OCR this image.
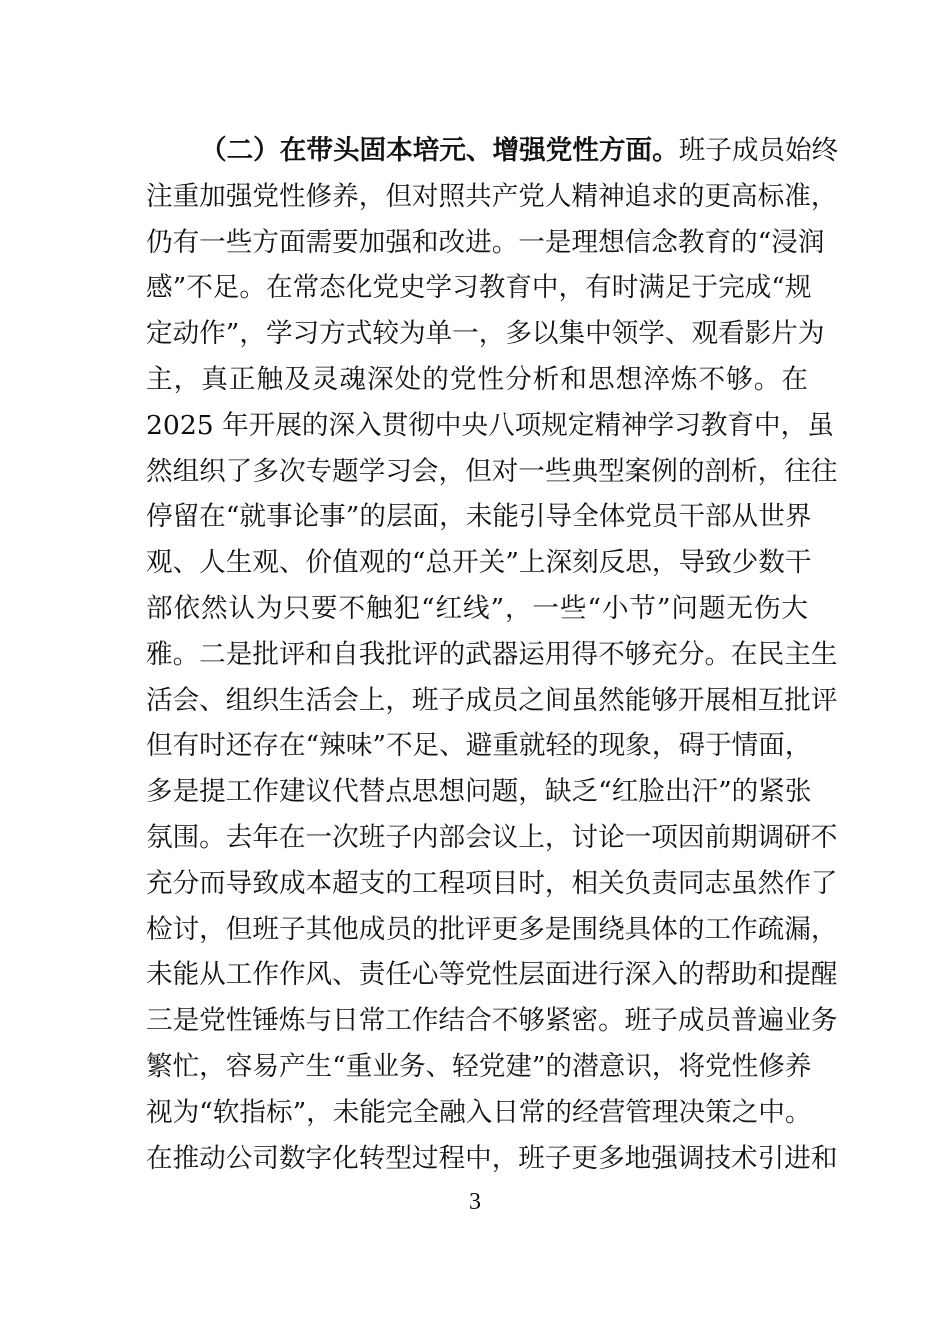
（二）在带头固本培元、增强党性方面。班子成员始终
注重加强党性修养，但对照共产党人精神追求的更高标准，
仍有一些方面需要加强和改进。一是理想信念教育的“浸润
感”不足。在常态化党史学习教育中，有时满足于完成“规
定动作”，学习方式较为单一，多以集中领学、观看影片为
主，真正触及灵魂深处的党性分析和思想淬炼不够。在
2025 年开展的深入贯彻中央八项规定精神学习教育中，虽
然组织了多次专题学习会，但对一些典型案例的剖析，往往
停留在“就事论事”的层面，未能引导全体党员干部从世界
观、人生观、价值观的“总开关”上深刻反思，导致少数干
部依然认为只要不触犯“红线”，一些“小节”问题无伤大
雅。二是批评和自我批评的武器运用得不够充分。在民主生
活会、组织生活会上，班子成员之间虽然能够开展相互批评
但有时还存在“辣味”不足、避重就轻的现象，碍于情面，
多是提工作建议代替点思想问题，缺乏“红脸出汗”的紧张
氛围。去年在一次班子内部会议上，讨论一项因前期调研不
充分而导致成本超支的工程项目时，相关负责同志虽然作了
检讨，但班子其他成员的批评更多是围绕具体的工作疏漏，
未能从工作作风、责任心等党性层面进行深入的帮助和提醒
三是党性锤炼与日常工作结合不够紧密。班子成员普遍业务
繁忙，容易产生“重业务、轻党建”的潜意识，将党性修养
视为“软指标”，未能完全融入日常的经营管理决策之中。
在推动公司数字化转型过程中，班子更多地强调技术引进和
3
